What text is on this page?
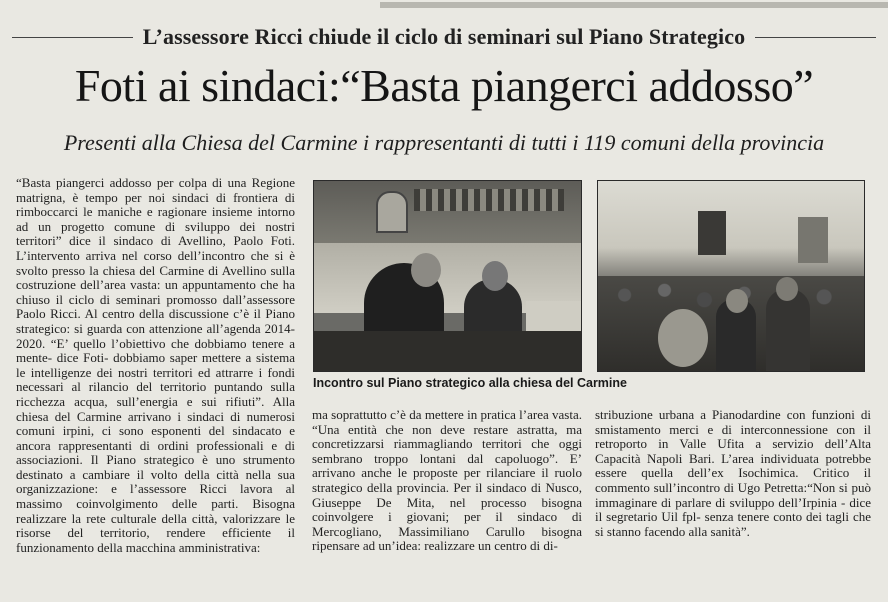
L’assessore Ricci chiude il ciclo di seminari sul Piano Strategico
Foti ai sindaci:“Basta piangerci addosso”
Presenti alla Chiesa del Carmine i rappresentanti di tutti i 119 comuni della provincia
“Basta piangerci addosso per colpa di una Regione matrigna, è tempo per noi sindaci di frontiera di rimboccarci le maniche e ragionare insieme intorno ad un progetto comune di sviluppo dei nostri territori” dice il sindaco di Avellino, Paolo Foti. L’intervento arriva nel corso dell’incontro che si è svolto presso la chiesa del Carmine di Avellino sulla costruzione dell’area vasta: un appuntamento che ha chiuso il ciclo di seminari promosso dall’assessore Paolo Ricci. Al centro della discussione c’è il Piano strategico: si guarda con attenzione all’agenda 2014-2020. “E’ quello l’obiettivo che dobbiamo tenere a mente- dice Foti- dobbiamo saper mettere a sistema le intelligenze dei nostri territori ed attrarre i fondi necessari al rilancio del territorio puntando sulla ricchezza acqua, sull’energia e sui rifiuti”. Alla chiesa del Carmine arrivano i sindaci di numerosi comuni irpini, ci sono esponenti del sindacato e ancora rappresentanti di ordini professionali e di associazioni. Il Piano strategico è uno strumento destinato a cambiare il volto della città nella sua organizzazione: e l’assessore Ricci lavora al massimo coinvolgimento delle parti. Bisogna realizzare la rete culturale della città, valorizzare le risorse del territorio, rendere efficiente il funzionamento della macchina amministrativa:
Incontro sul Piano strategico alla chiesa del Carmine
ma soprattutto c’è da mettere in pratica l’area vasta. “Una entità che non deve restare astratta, ma concretizzarsi riammagliando territori che oggi sembrano troppo lontani dal capoluogo”. E’ arrivano anche le proposte per rilanciare il ruolo strategico della provincia. Per il sindaco di Nusco, Giuseppe De Mita, nel processo bisogna coinvolgere i giovani; per il sindaco di Mercogliano, Massimiliano Carullo bisogna ripensare ad un’idea: realizzare un centro di di-
stribuzione urbana a Pianodardine con funzioni di smistamento merci e di interconnessione con il retroporto in Valle Ufita a servizio dell’Alta Capacità Napoli Bari. L’area individuata potrebbe essere quella dell’ex Isochimica. Critico il commento sull’incontro di Ugo Petretta:“Non si può immaginare di parlare di sviluppo dell’Irpinia - dice il segretario Uil fpl- senza tenere conto dei tagli che si stanno facendo alla sanità”.
